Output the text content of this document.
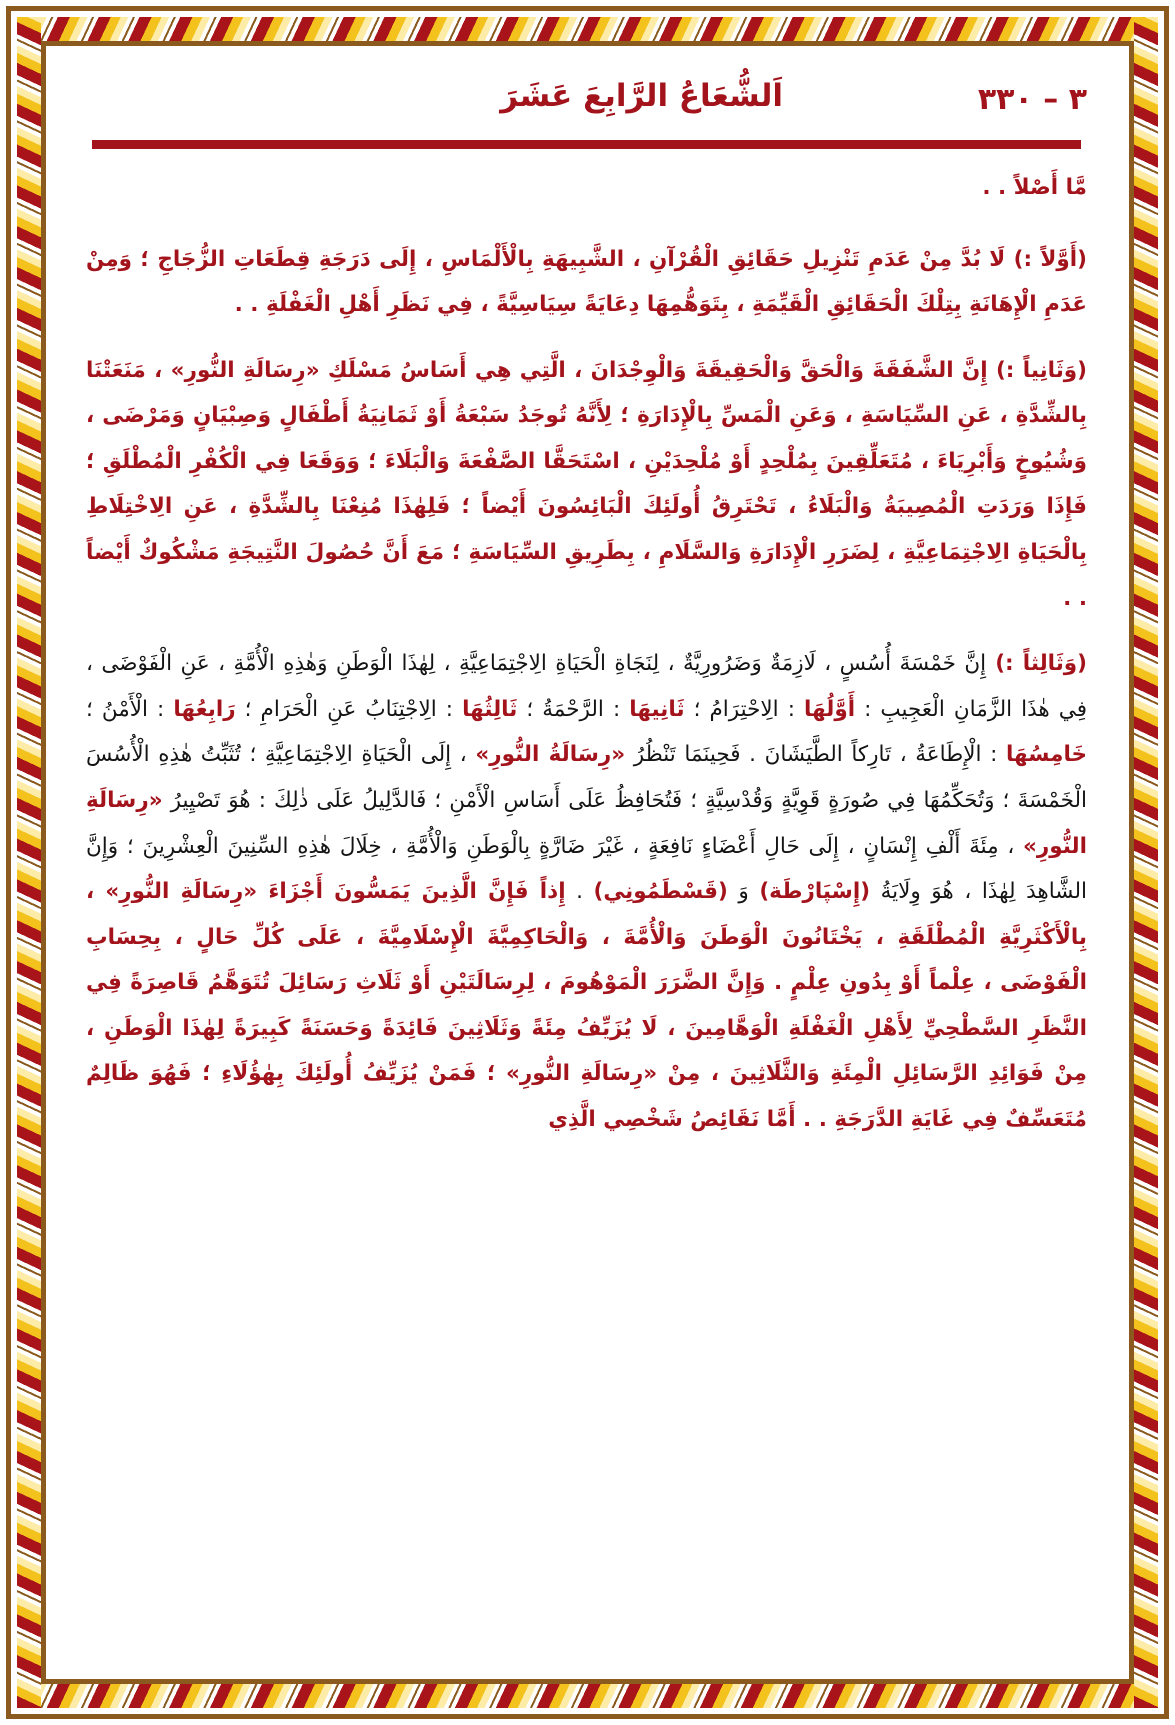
٣ – ٣٣٠
اَلشُّعَاعُ الرَّابِعَ عَشَرَ
مَّا أَصْلاً . .
(أَوَّلاً :) لَا بُدَّ مِنْ عَدَمِ تَنْزِيلِ حَقَائِقِ الْقُرْآنِ ، الشَّبِيهَةِ بِالْأَلْمَاسِ ، إِلَى دَرَجَةِ قِطَعَاتِ الزُّجَاجِ ؛ وَمِنْ عَدَمِ الْإِهَانَةِ بِتِلْكَ الْحَقَائِقِ الْقَيِّمَةِ ، بِتَوَهُّمِهَا دِعَايَةً سِيَاسِيَّةً ، فِي نَظَرِ أَهْلِ الْغَفْلَةِ . .
(وَثَانِياً :) إِنَّ الشَّفَقَةَ وَالْحَقَّ وَالْحَقِيقَةَ وَالْوِجْدَانَ ، الَّتِي هِي أَسَاسُ مَسْلَكِ «رِسَالَةِ النُّورِ» ، مَنَعَتْنَا بِالشِّدَّةِ ، عَنِ السِّيَاسَةِ ، وَعَنِ الْمَسِّ بِالْإِدَارَةِ ؛ لِأَنَّهُ تُوجَدُ سَبْعَةُ أَوْ ثَمَانِيَةُ أَطْفَالٍ وَصِبْيَانٍ وَمَرْضَى ، وَشُيُوخٍ وَأَبْرِيَاءَ ، مُتَعَلِّقِينَ بِمُلْحِدٍ أَوْ مُلْحِدَيْنِ ، اسْتَحَقَّا الصَّفْعَةَ وَالْبَلَاءَ ؛ وَوَقَعَا فِي الْكُفْرِ الْمُطْلَقِ ؛ فَإِذَا وَرَدَتِ الْمُصِيبَةُ وَالْبَلَاءُ ، تَحْتَرِقُ أُولَئِكَ الْبَائِسُونَ أَيْضاً ؛ فَلِهٰذَا مُنِعْنَا بِالشِّدَّةِ ، عَنِ الِاخْتِلَاطِ بِالْحَيَاةِ الِاجْتِمَاعِيَّةِ ، لِضَرَرِ الْإِدَارَةِ وَالسَّلَامِ ، بِطَرِيقِ السِّيَاسَةِ ؛ مَعَ أَنَّ حُصُولَ النَّتِيجَةِ مَشْكُوكٌ أَيْضاً . .
(وَثَالِثاً :) إِنَّ خَمْسَةَ أُسُسٍ ، لَازِمَةٌ وَضَرُورِيَّةٌ ، لِنَجَاةِ الْحَيَاةِ الِاجْتِمَاعِيَّةِ ، لِهٰذَا الْوَطَنِ وَهٰذِهِ الْأُمَّةِ ، عَنِ الْفَوْضَى ، فِي هٰذَا الزَّمَانِ الْعَجِيبِ : أَوَّلُهَا : الِاحْتِرَامُ ؛ ثَانِيهَا : الرَّحْمَةُ ؛ ثَالِثُهَا : الِاجْتِنَابُ عَنِ الْحَرَامِ ؛ رَابِعُهَا : الْأَمْنُ ؛ خَامِسُهَا : الْإِطَاعَةُ ، تَارِكاً الطَّيَشَانَ . فَحِينَمَا تَنْظُرُ «رِسَالَةُ النُّورِ» ، إِلَى الْحَيَاةِ الِاجْتِمَاعِيَّةِ ؛ تُثَبِّتُ هٰذِهِ الْأُسُسَ الْخَمْسَةَ ؛ وَتُحَكِّمُهَا فِي صُورَةٍ قَوِيَّةٍ وَقُدْسِيَّةٍ ؛ فَتُحَافِظُ عَلَى أَسَاسِ الْأَمْنِ ؛ فَالدَّلِيلُ عَلَى ذٰلِكَ : هُوَ تَصْيِيرُ «رِسَالَةِ النُّورِ» ، مِئَةَ أَلْفِ إِنْسَانٍ ، إِلَى حَالِ أَعْضَاءٍ نَافِعَةٍ ، غَيْرَ ضَارَّةٍ بِالْوَطَنِ وَالْأُمَّةِ ، خِلَالَ هٰذِهِ السِّنِينَ الْعِشْرِينَ ؛ وَإِنَّ الشَّاهِدَ لِهٰذَا ، هُوَ وِلَايَةُ (إِسْپَارْطَة) وَ (قَسْطَمُونِي) . إِذاً فَإِنَّ الَّذِينَ يَمَسُّونَ أَجْزَاءَ «رِسَالَةِ النُّورِ» ، بِالْأَكْثَرِيَّةِ الْمُطْلَقَةِ ، يَخْتَانُونَ الْوَطَنَ وَالْأُمَّةَ ، وَالْحَاكِمِيَّةَ الْإِسْلَامِيَّةَ ، عَلَى كُلِّ حَالٍ ، بِحِسَابِ الْفَوْضَى ، عِلْماً أَوْ بِدُونِ عِلْمٍ . وَإِنَّ الضَّرَرَ الْمَوْهُومَ ، لِرِسَالَتَيْنِ أَوْ ثَلَاثِ رَسَائِلَ تُتَوَهَّمُ قَاصِرَةً فِي النَّظَرِ السَّطْحِيِّ لِأَهْلِ الْغَفْلَةِ الْوَهَّامِينَ ، لَا يُزَيِّفُ مِئَةً وَثَلَاثِينَ فَائِدَةً وَحَسَنَةً كَبِيرَةً لِهٰذَا الْوَطَنِ ، مِنْ فَوَائِدِ الرَّسَائِلِ الْمِئَةِ وَالثَّلَاثِينَ ، مِنْ «رِسَالَةِ النُّورِ» ؛ فَمَنْ يُزَيِّفُ أُولَئِكَ بِهٰؤُلَاءِ ؛ فَهُوَ ظَالِمٌ مُتَعَسِّفٌ فِي غَايَةِ الدَّرَجَةِ . . أَمَّا نَقَائِصُ شَخْصِي الَّذِي
